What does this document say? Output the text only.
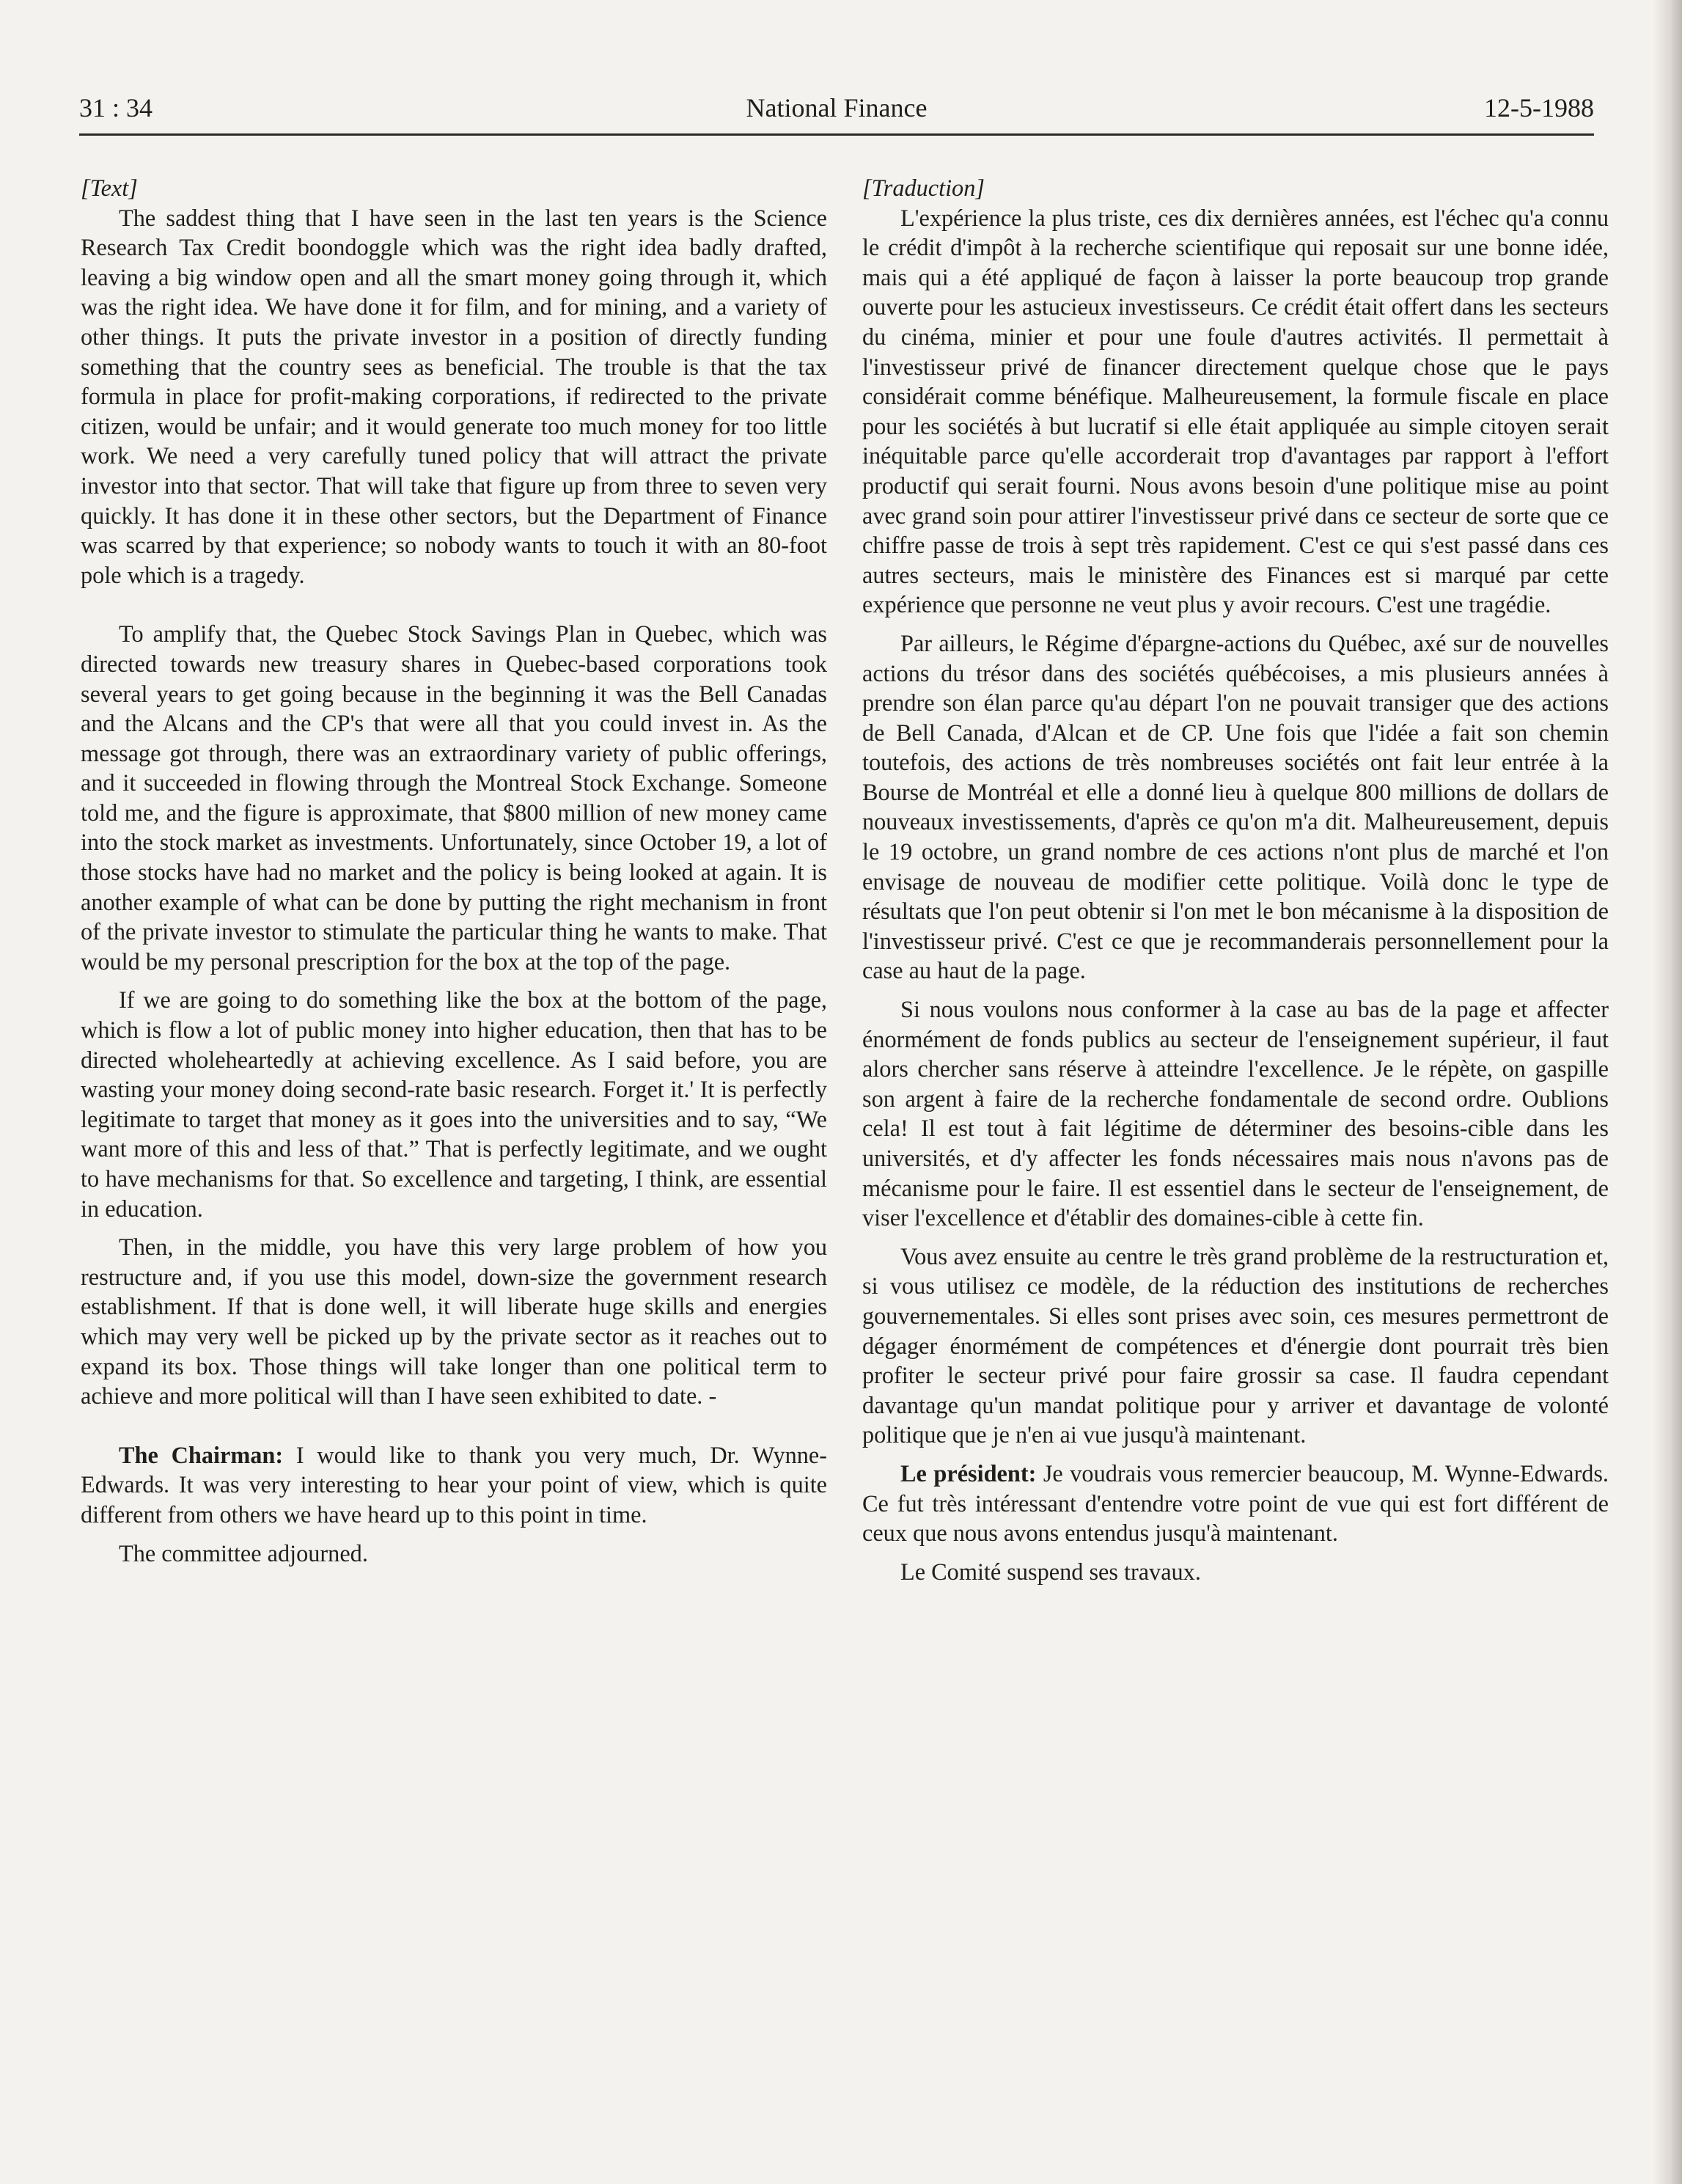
31 : 34	National Finance	12-5-1988

[Text]

The saddest thing that I have seen in the last ten years is the Science Research Tax Credit boondoggle which was the right idea badly drafted, leaving a big window open and all the smart money going through it, which was the right idea. We have done it for film, and for mining, and a variety of other things. It puts the private investor in a position of directly funding something that the country sees as beneficial. The trouble is that the tax formula in place for profit-making corporations, if redirected to the private citizen, would be unfair; and it would generate too much money for too little work. We need a very carefully tuned policy that will attract the private investor into that sector. That will take that figure up from three to seven very quickly. It has done it in these other sectors, but the Department of Finance was scarred by that experience; so nobody wants to touch it with an 80-foot pole which is a tragedy.

To amplify that, the Quebec Stock Savings Plan in Quebec, which was directed towards new treasury shares in Quebec-based corporations took several years to get going because in the beginning it was the Bell Canadas and the Alcans and the CP's that were all that you could invest in. As the message got through, there was an extraordinary variety of public offerings, and it succeeded in flowing through the Montreal Stock Exchange. Someone told me, and the figure is approximate, that $800 million of new money came into the stock market as investments. Unfortunately, since October 19, a lot of those stocks have had no market and the policy is being looked at again. It is another example of what can be done by putting the right mechanism in front of the private investor to stimulate the particular thing he wants to make. That would be my personal prescription for the box at the top of the page.

If we are going to do something like the box at the bottom of the page, which is flow a lot of public money into higher education, then that has to be directed wholeheartedly at achieving excellence. As I said before, you are wasting your money doing second-rate basic research. Forget it.' It is perfectly legitimate to target that money as it goes into the universities and to say, “We want more of this and less of that.” That is perfectly legitimate, and we ought to have mechanisms for that. So excellence and targeting, I think, are essential in education.

Then, in the middle, you have this very large problem of how you restructure and, if you use this model, down-size the government research establishment. If that is done well, it will liberate huge skills and energies which may very well be picked up by the private sector as it reaches out to expand its box. Those things will take longer than one political term to achieve and more political will than I have seen exhibited to date. -

The Chairman: I would like to thank you very much, Dr. Wynne-Edwards. It was very interesting to hear your point of view, which is quite different from others we have heard up to this point in time.

The committee adjourned.

[Traduction]

L'expérience la plus triste, ces dix dernières années, est l'échec qu'a connu le crédit d'impôt à la recherche scientifique qui reposait sur une bonne idée, mais qui a été appliqué de façon à laisser la porte beaucoup trop grande ouverte pour les astucieux investisseurs. Ce crédit était offert dans les secteurs du cinéma, minier et pour une foule d'autres activités. Il permettait à l'investisseur privé de financer directement quelque chose que le pays considérait comme bénéfique. Malheureusement, la formule fiscale en place pour les sociétés à but lucratif si elle était appliquée au simple citoyen serait inéquitable parce qu'elle accorderait trop d'avantages par rapport à l'effort productif qui serait fourni. Nous avons besoin d'une politique mise au point avec grand soin pour attirer l'investisseur privé dans ce secteur de sorte que ce chiffre passe de trois à sept très rapidement. C'est ce qui s'est passé dans ces autres secteurs, mais le ministère des Finances est si marqué par cette expérience que personne ne veut plus y avoir recours. C'est une tragédie.

Par ailleurs, le Régime d'épargne-actions du Québec, axé sur de nouvelles actions du trésor dans des sociétés québécoises, a mis plusieurs années à prendre son élan parce qu'au départ l'on ne pouvait transiger que des actions de Bell Canada, d'Alcan et de CP. Une fois que l'idée a fait son chemin toutefois, des actions de très nombreuses sociétés ont fait leur entrée à la Bourse de Montréal et elle a donné lieu à quelque 800 millions de dollars de nouveaux investissements, d'après ce qu'on m'a dit. Malheureusement, depuis le 19 octobre, un grand nombre de ces actions n'ont plus de marché et l'on envisage de nouveau de modifier cette politique. Voilà donc le type de résultats que l'on peut obtenir si l'on met le bon mécanisme à la disposition de l'investisseur privé. C'est ce que je recommanderais personnellement pour la case au haut de la page.

Si nous voulons nous conformer à la case au bas de la page et affecter énormément de fonds publics au secteur de l'enseignement supérieur, il faut alors chercher sans réserve à atteindre l'excellence. Je le répète, on gaspille son argent à faire de la recherche fondamentale de second ordre. Oublions cela! Il est tout à fait légitime de déterminer des besoins-cible dans les universités, et d'y affecter les fonds nécessaires mais nous n'avons pas de mécanisme pour le faire. Il est essentiel dans le secteur de l'enseignement, de viser l'excellence et d'établir des domaines-cible à cette fin.

Vous avez ensuite au centre le très grand problème de la restructuration et, si vous utilisez ce modèle, de la réduction des institutions de recherches gouvernementales. Si elles sont prises avec soin, ces mesures permettront de dégager énormément de compétences et d'énergie dont pourrait très bien profiter le secteur privé pour faire grossir sa case. Il faudra cependant davantage qu'un mandat politique pour y arriver et davantage de volonté politique que je n'en ai vue jusqu'à maintenant.

Le président: Je voudrais vous remercier beaucoup, M. Wynne-Edwards. Ce fut très intéressant d'entendre votre point de vue qui est fort différent de ceux que nous avons entendus jusqu'à maintenant.

Le Comité suspend ses travaux.
